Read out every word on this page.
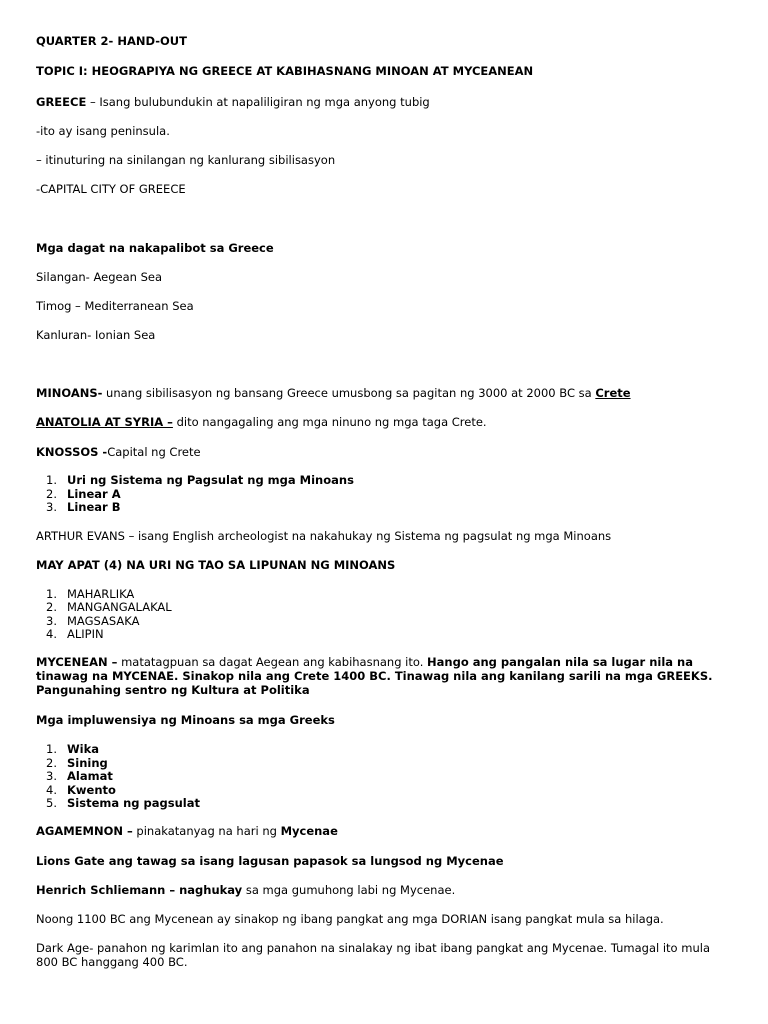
QUARTER 2- HAND-OUT
TOPIC I: HEOGRAPIYA NG GREECE AT KABIHASNANG MINOAN AT MYCEANEAN
GREECE – Isang bulubundukin at napaliligiran ng mga anyong tubig
-ito ay isang peninsula.
– itinuturing na sinilangan ng kanlurang sibilisasyon
-CAPITAL CITY OF GREECE
Mga dagat na nakapalibot sa Greece
Silangan- Aegean Sea
Timog – Mediterranean Sea
Kanluran- Ionian Sea
MINOANS- unang sibilisasyon ng bansang Greece umusbong sa pagitan ng 3000 at 2000 BC sa Crete
ANATOLIA AT SYRIA – dito nangagaling ang mga ninuno ng mga taga Crete.
KNOSSOS -Capital ng Crete
1. Uri ng Sistema ng Pagsulat ng mga Minoans
2. Linear A
3. Linear B
ARTHUR EVANS – isang English archeologist na nakahukay ng Sistema ng pagsulat ng mga Minoans
MAY APAT (4) NA URI NG TAO SA LIPUNAN NG MINOANS
1. MAHARLIKA
2. MANGANGALAKAL
3. MAGSASAKA
4. ALIPIN
MYCENEAN – matatagpuan sa dagat Aegean ang kabihasnang ito. Hango ang pangalan nila sa lugar nila na tinawag na MYCENAE. Sinakop nila ang Crete 1400 BC. Tinawag nila ang kanilang sarili na mga GREEKS. Pangunahing sentro ng Kultura at Politika
Mga impluwensiya ng Minoans sa mga Greeks
1. Wika
2. Sining
3. Alamat
4. Kwento
5. Sistema ng pagsulat
AGAMEMNON – pinakatanyag na hari ng Mycenae
Lions Gate ang tawag sa isang lagusan papasok sa lungsod ng Mycenae
Henrich Schliemann – naghukay sa mga gumuhong labi ng Mycenae.
Noong 1100 BC ang Mycenean ay sinakop ng ibang pangkat ang mga DORIAN isang pangkat mula sa hilaga.
Dark Age- panahon ng karimlan ito ang panahon na sinalakay ng ibat ibang pangkat ang Mycenae. Tumagal ito mula 800 BC hanggang 400 BC.
